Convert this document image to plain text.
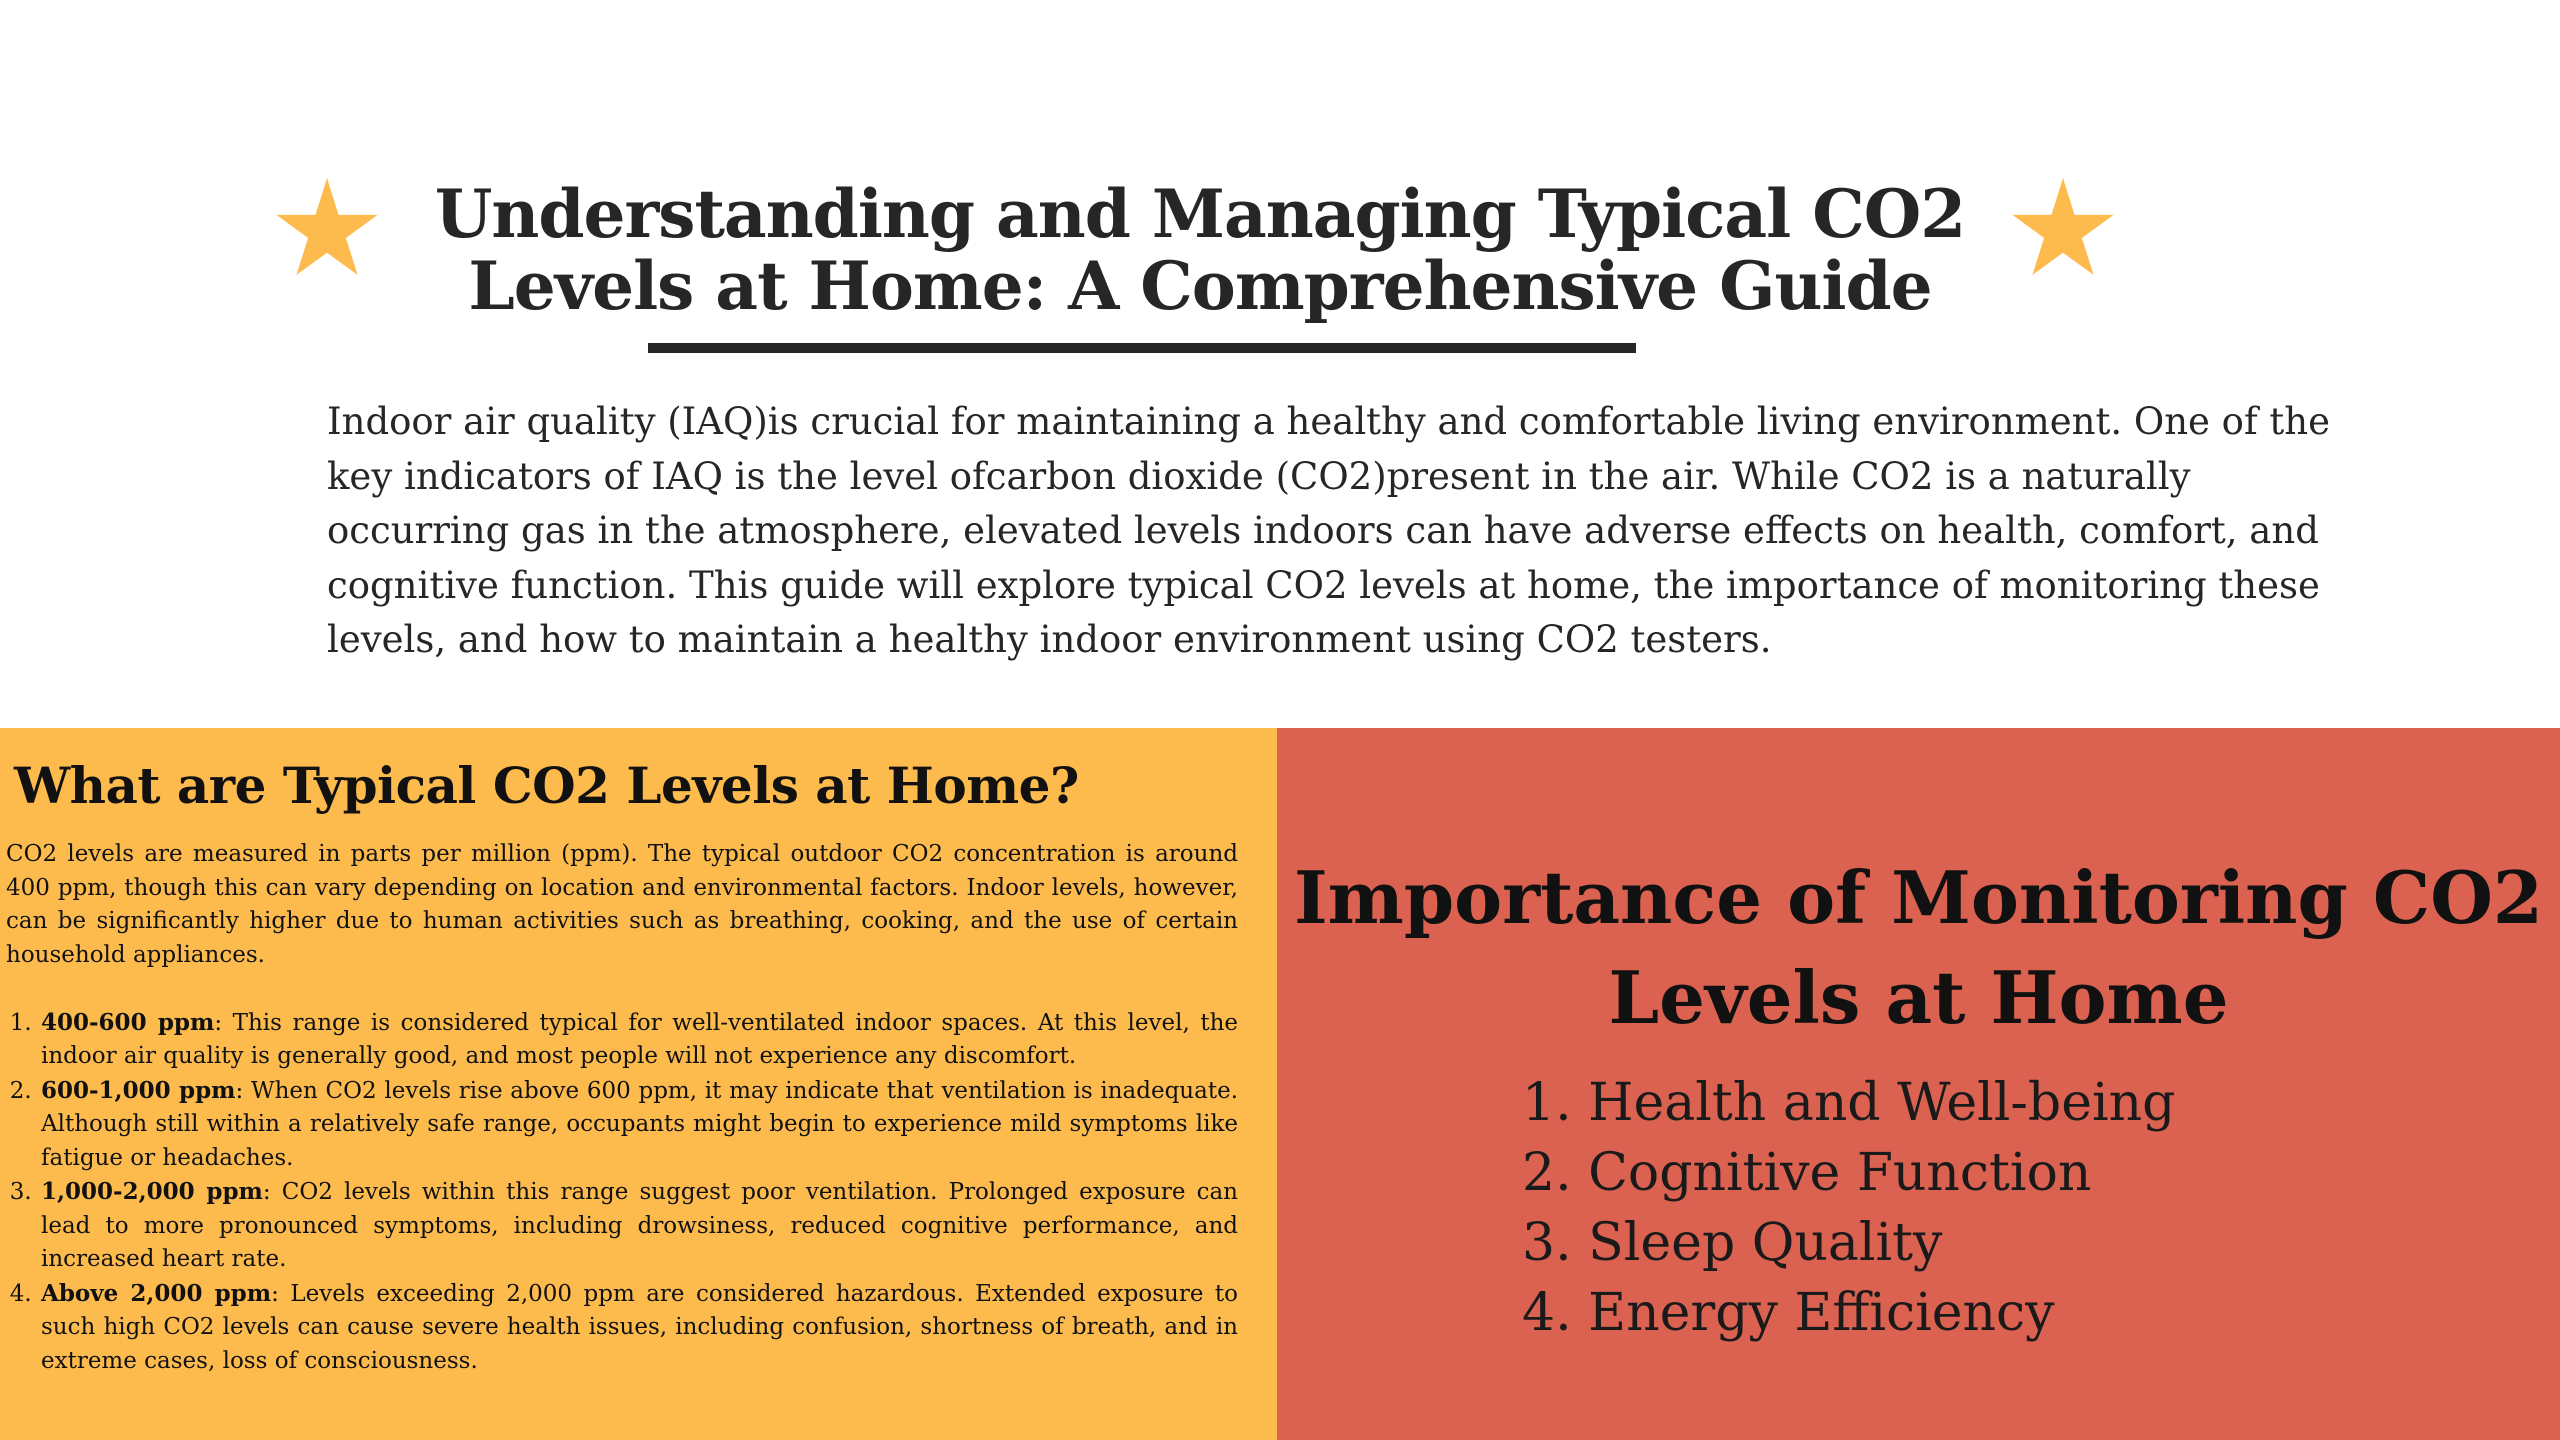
Understanding and Managing Typical CO2 Levels at Home: A Comprehensive Guide

Indoor air quality (IAQ)is crucial for maintaining a healthy and comfortable living environment. One of the key indicators of IAQ is the level ofcarbon dioxide (CO2)present in the air. While CO2 is a naturally occurring gas in the atmosphere, elevated levels indoors can have adverse effects on health, comfort, and cognitive function. This guide will explore typical CO2 levels at home, the importance of monitoring these levels, and how to maintain a healthy indoor environment using CO2 testers.

What are Typical CO2 Levels at Home?

CO2 levels are measured in parts per million (ppm). The typical outdoor CO2 concentration is around 400 ppm, though this can vary depending on location and environmental factors. Indoor levels, however, can be significantly higher due to human activities such as breathing, cooking, and the use of certain household appliances.

1. 400-600 ppm: This range is considered typical for well-ventilated indoor spaces. At this level, the indoor air quality is generally good, and most people will not experience any discomfort.
2. 600-1,000 ppm: When CO2 levels rise above 600 ppm, it may indicate that ventilation is inadequate. Although still within a relatively safe range, occupants might begin to experience mild symptoms like fatigue or headaches.
3. 1,000-2,000 ppm: CO2 levels within this range suggest poor ventilation. Prolonged exposure can lead to more pronounced symptoms, including drowsiness, reduced cognitive performance, and increased heart rate.
4. Above 2,000 ppm: Levels exceeding 2,000 ppm are considered hazardous. Extended exposure to such high CO2 levels can cause severe health issues, including confusion, shortness of breath, and in extreme cases, loss of consciousness.
Importance of Monitoring CO2 Levels at Home
1. Health and Well-being
2. Cognitive Function
3. Sleep Quality
4. Energy Efficiency
